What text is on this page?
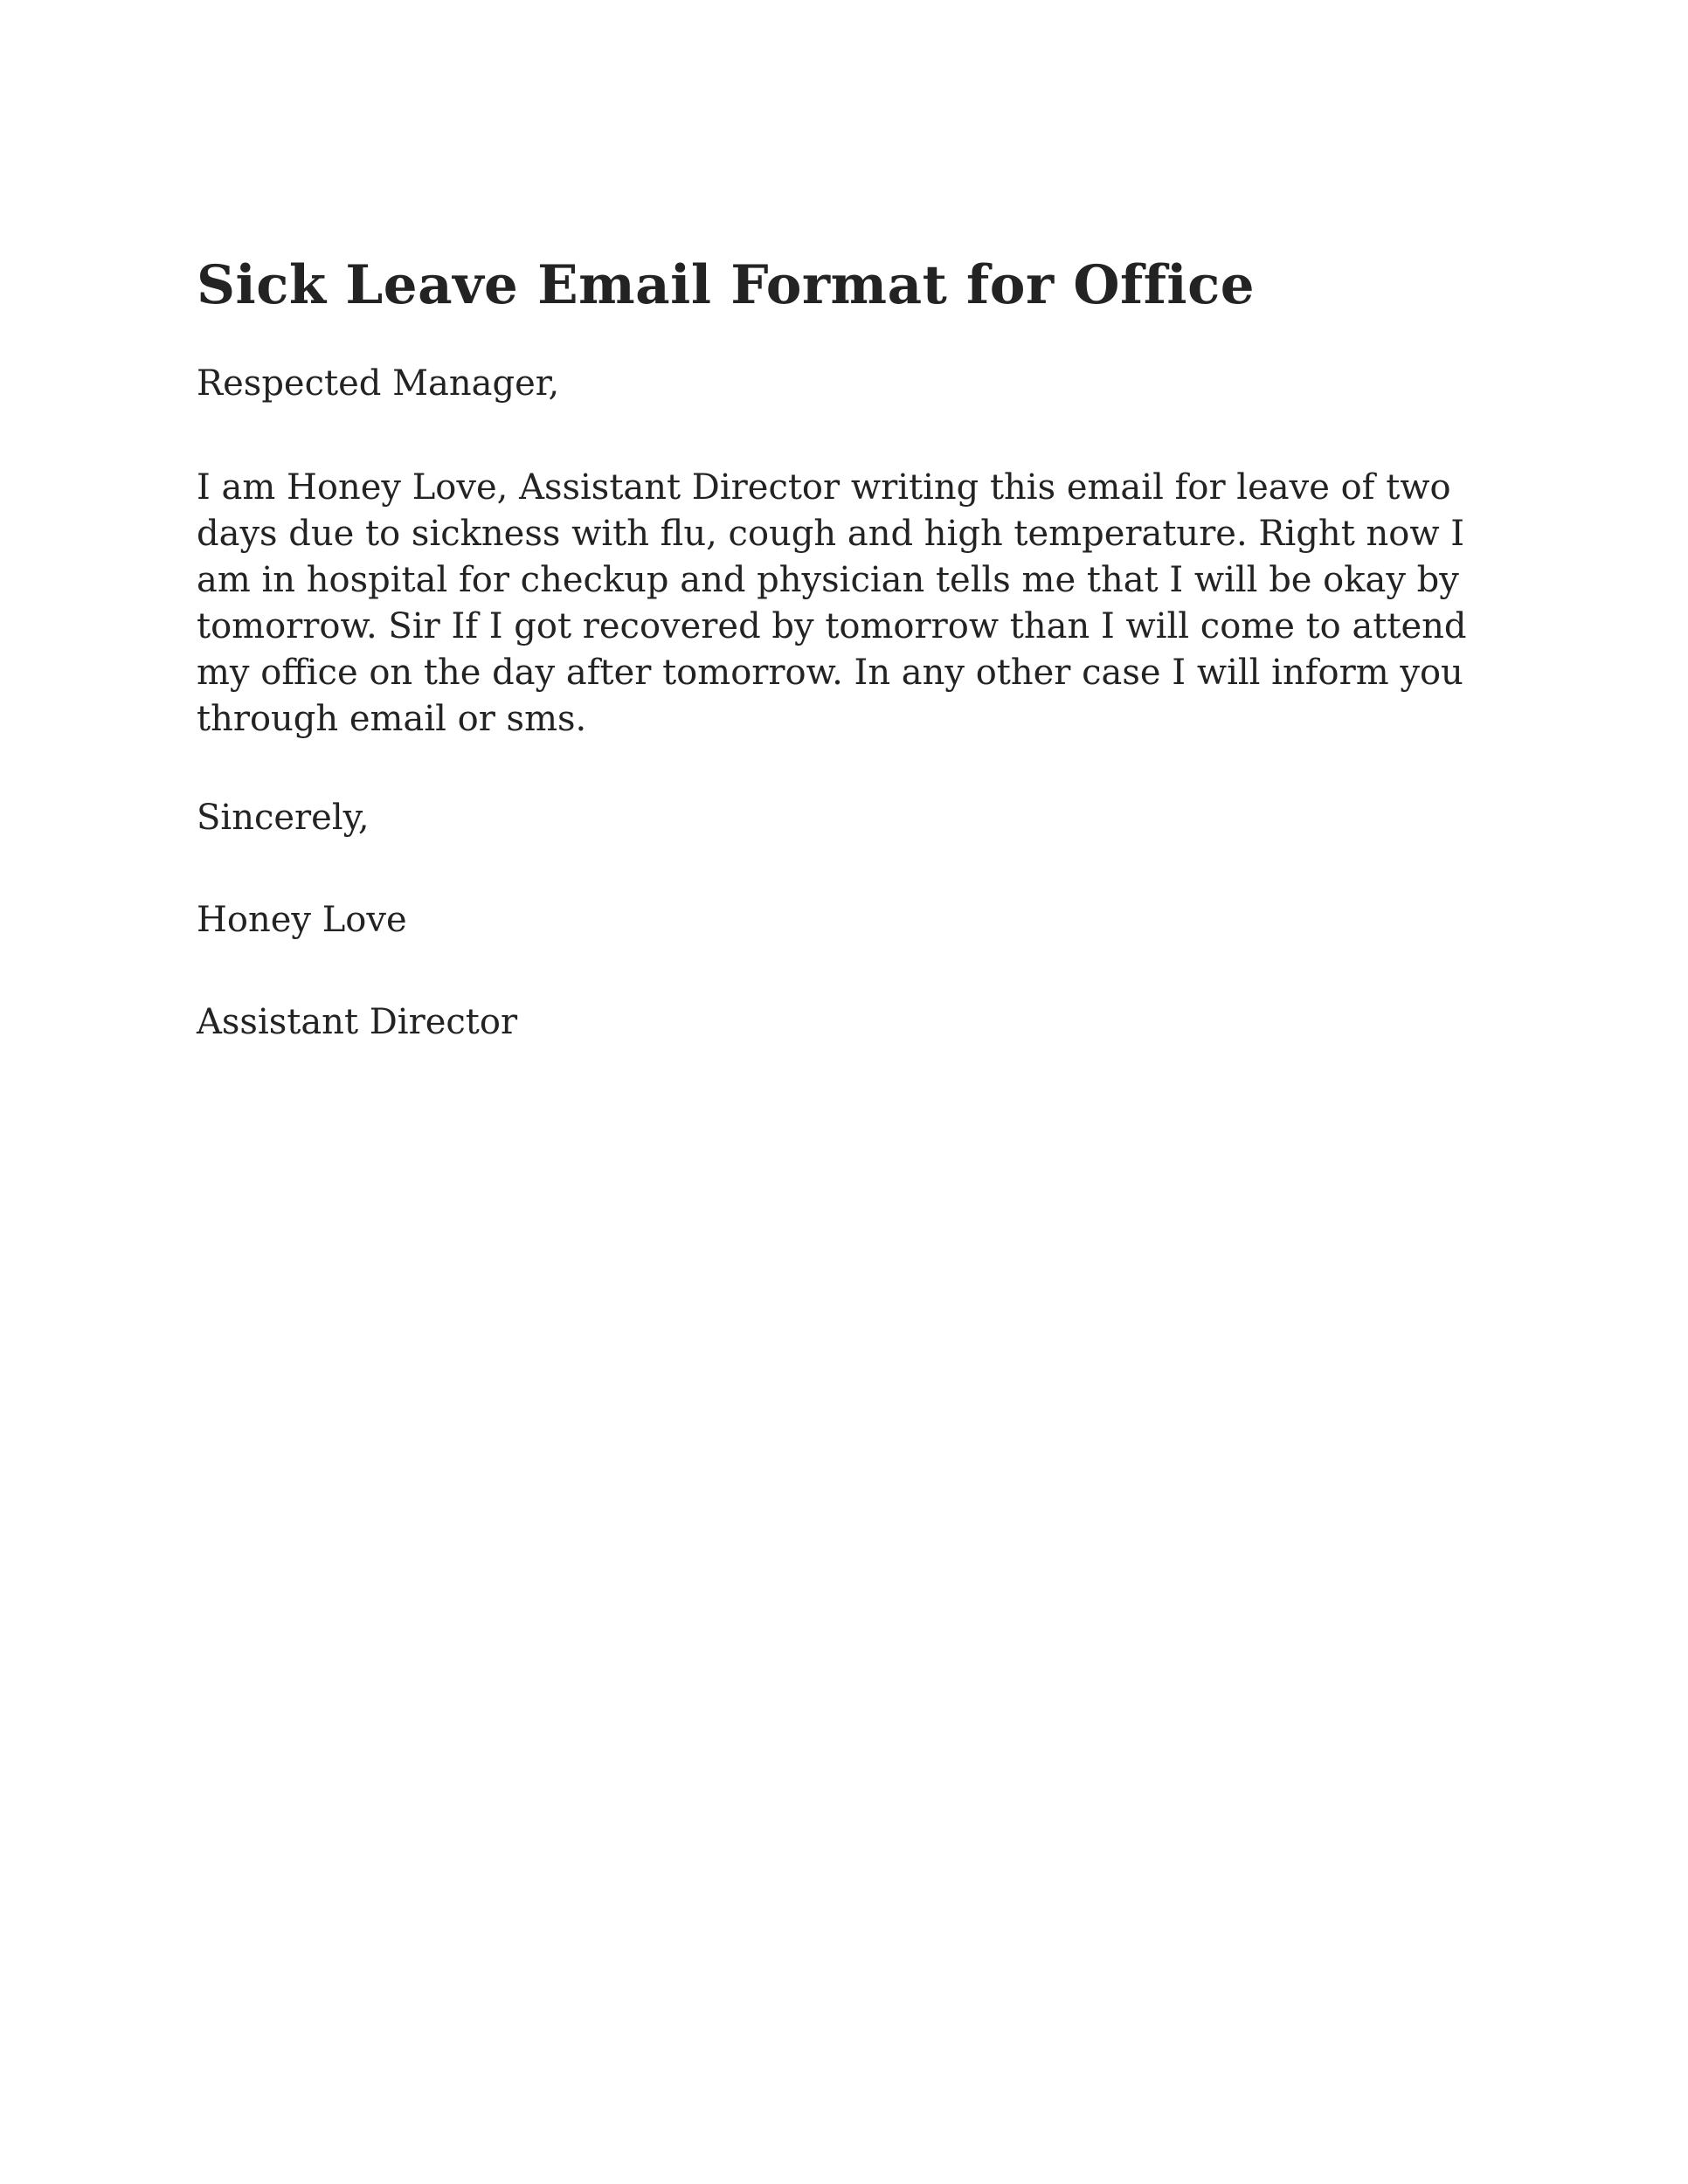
Sick Leave Email Format for Office

Respected Manager,

I am Honey Love, Assistant Director writing this email for leave of two days due to sickness with flu, cough and high temperature. Right now I am in hospital for checkup and physician tells me that I will be okay by tomorrow. Sir If I got recovered by tomorrow than I will come to attend my office on the day after tomorrow. In any other case I will inform you through email or sms.

Sincerely,

Honey Love

Assistant Director
